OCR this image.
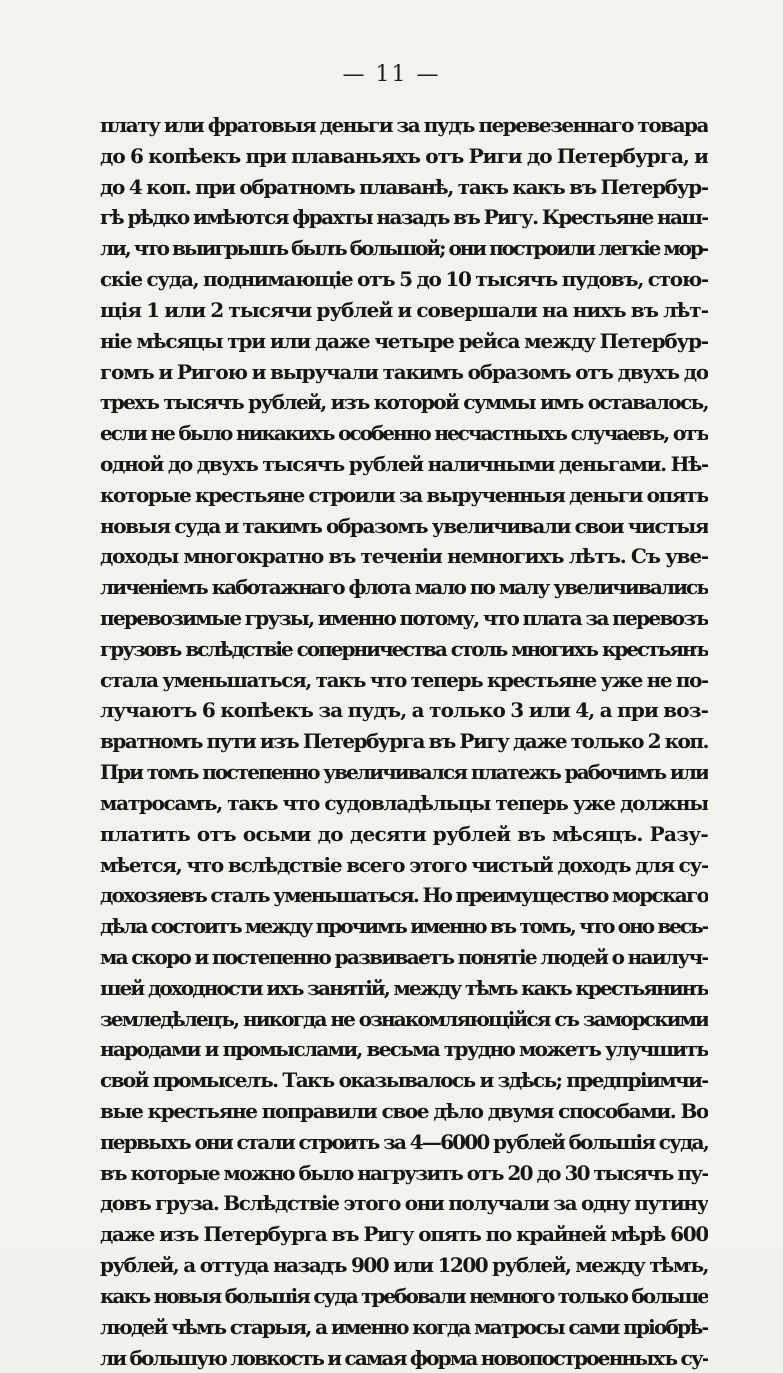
— 11 —
плату или фратовыя деньги за пудъ перевезеннаго товара
до 6 копѣекъ при плаваньяхъ отъ Риги до Петербурга, и
до 4 коп. при обратномъ плаванѣ, такъ какъ въ Петербур-
гѣ рѣдко имѣются фрахты назадъ въ Ригу. Крестьяне наш-
ли, что выигрышъ былъ большой; они построили легкіе мор-
скіе суда, поднимающіе отъ 5 до 10 тысячъ пудовъ, стою-
щія 1 или 2 тысячи рублей и совершали на нихъ въ лѣт-
ніе мѣсяцы три или даже четыре рейса между Петербур-
гомъ и Ригою и выручали такимъ образомъ отъ двухъ до
трехъ тысячъ рублей, изъ которой суммы имъ оставалось,
если не было никакихъ особенно несчастныхъ случаевъ, отъ
одной до двухъ тысячъ рублей наличными деньгами. Нѣ-
которые крестьяне строили за вырученныя деньги опять
новыя суда и такимъ образомъ увеличивали свои чистыя
доходы многократно въ теченіи немногихъ лѣтъ. Съ уве-
личеніемъ каботажнаго флота мало по малу увеличивались
перевозимые грузы, именно потому, что плата за перевозъ
грузовъ вслѣдствіе соперничества столь многихъ крестьянъ
стала уменьшаться, такъ что теперь крестьяне уже не по-
лучаютъ 6 копѣекъ за пудъ, а только 3 или 4, а при воз-
вратномъ пути изъ Петербурга въ Ригу даже только 2 коп.
При томъ постепенно увеличивался платежъ рабочимъ или
матросамъ, такъ что судовладѣльцы теперь уже должны
платить отъ осьми до десяти рублей въ мѣсяцъ. Разу-
мѣется, что вслѣдствіе всего этого чистый доходъ для су-
дохозяевъ сталъ уменьшаться. Но преимущество морскаго
дѣла состоитъ между прочимъ именно въ томъ, что оно весь-
ма скоро и постепенно развиваетъ понятіе людей о наилуч-
шей доходности ихъ занятій, между тѣмъ какъ крестьянинъ
земледѣлецъ, никогда не ознакомляющійся съ заморскими
народами и промыслами, весьма трудно можетъ улучшить
свой промыселъ. Такъ оказывалось и здѣсь; предпріимчи-
вые крестьяне поправили свое дѣло двумя способами. Во
первыхъ они стали строить за 4—6000 рублей большія суда,
въ которые можно было нагрузить отъ 20 до 30 тысячъ пу-
довъ груза. Вслѣдствіе этого они получали за одну путину
даже изъ Петербурга въ Ригу опять по крайней мѣрѣ 600
рублей, а оттуда назадъ 900 или 1200 рублей, между тѣмъ,
какъ новыя большія суда требовали немного только больше
людей чѣмъ старыя, а именно когда матросы сами пріобрѣ-
ли большую ловкость и самая форма новопостроенныхъ су-
